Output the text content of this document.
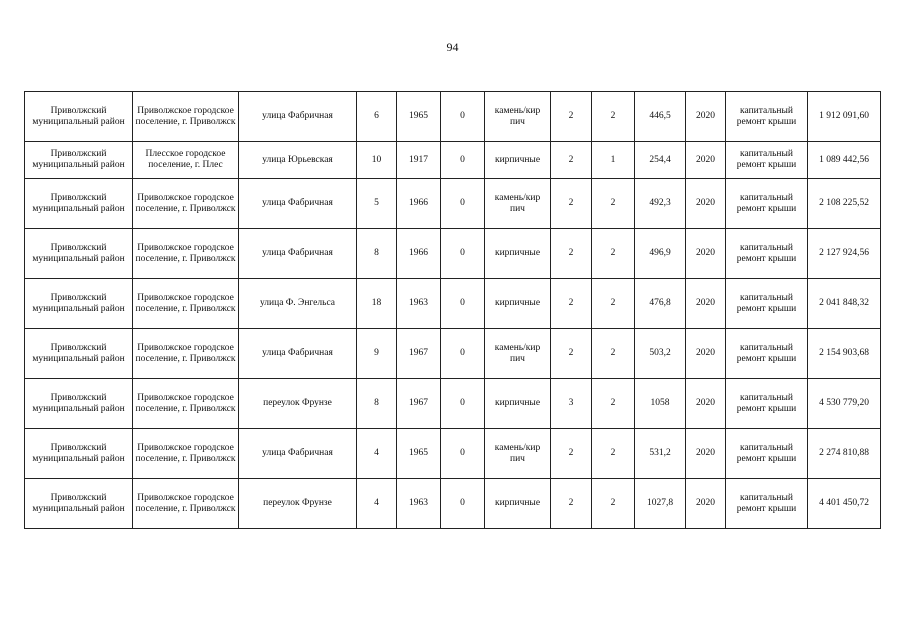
94
Приволжский муниципальный район	Приволжское городское поселение, г. Приволжск	улица Фабричная	6	1965	0	камень/кир пич	2	2	446,5	2020	капитальный ремонт крыши	1 912 091,60
Приволжский муниципальный район	Плесское городское поселение, г. Плес	улица Юрьевская	10	1917	0	кирпичные	2	1	254,4	2020	капитальный ремонт крыши	1 089 442,56
Приволжский муниципальный район	Приволжское городское поселение, г. Приволжск	улица Фабричная	5	1966	0	камень/кир пич	2	2	492,3	2020	капитальный ремонт крыши	2 108 225,52
Приволжский муниципальный район	Приволжское городское поселение, г. Приволжск	улица Фабричная	8	1966	0	кирпичные	2	2	496,9	2020	капитальный ремонт крыши	2 127 924,56
Приволжский муниципальный район	Приволжское городское поселение, г. Приволжск	улица Ф. Энгельса	18	1963	0	кирпичные	2	2	476,8	2020	капитальный ремонт крыши	2 041 848,32
Приволжский муниципальный район	Приволжское городское поселение, г. Приволжск	улица Фабричная	9	1967	0	камень/кир пич	2	2	503,2	2020	капитальный ремонт крыши	2 154 903,68
Приволжский муниципальный район	Приволжское городское поселение, г. Приволжск	переулок Фрунзе	8	1967	0	кирпичные	3	2	1058	2020	капитальный ремонт крыши	4 530 779,20
Приволжский муниципальный район	Приволжское городское поселение, г. Приволжск	улица Фабричная	4	1965	0	камень/кир пич	2	2	531,2	2020	капитальный ремонт крыши	2 274 810,88
Приволжский муниципальный район	Приволжское городское поселение, г. Приволжск	переулок Фрунзе	4	1963	0	кирпичные	2	2	1027,8	2020	капитальный ремонт крыши	4 401 450,72
